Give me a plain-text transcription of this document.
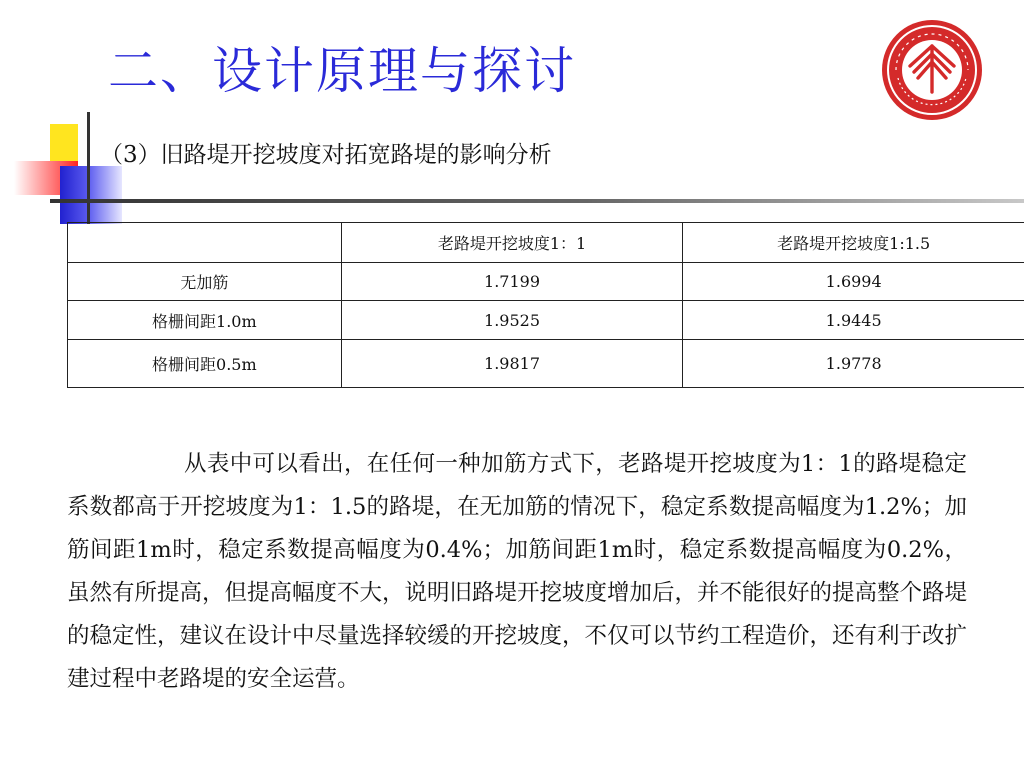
二、设计原理与探讨
（3）旧路堤开挖坡度对拓宽路堤的影响分析
	老路堤开挖坡度1：1	老路堤开挖坡度1:1.5
无加筋	1.7199	1.6994
格栅间距1.0m	1.9525	1.9445
格栅间距0.5m	1.9817	1.9778

从表中可以看出，在任何一种加筋方式下，老路堤开挖坡度为1：1的路堤稳定系数都高于开挖坡度为1：1.5的路堤，在无加筋的情况下，稳定系数提高幅度为1.2%；加筋间距1m时，稳定系数提高幅度为0.4%；加筋间距1m时，稳定系数提高幅度为0.2%，虽然有所提高，但提高幅度不大，说明旧路堤开挖坡度增加后，并不能很好的提高整个路堤的稳定性，建议在设计中尽量选择较缓的开挖坡度，不仅可以节约工程造价，还有利于改扩建过程中老路堤的安全运营。
